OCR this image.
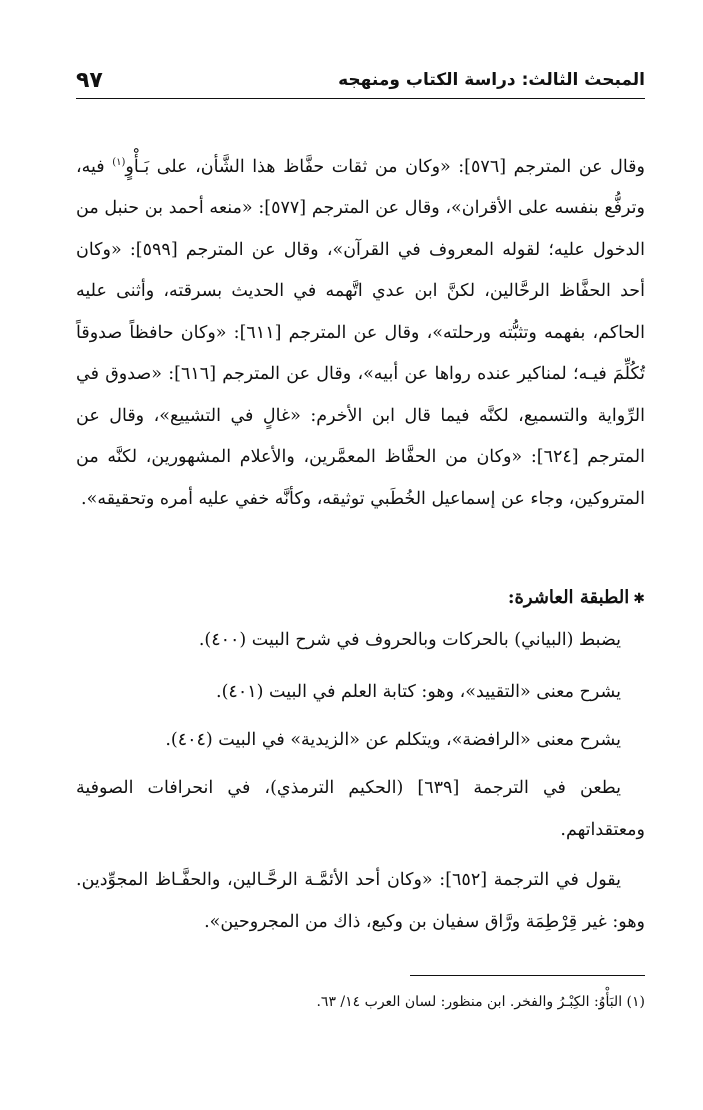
المبحث الثالث: دراسة الكتاب ومنهجه
٩٧

وقال عن المترجم [٥٧٦]: «وكان من ثقات حفَّاظ هذا الشَّأن، على بَـأْوٍ$^{(١)}$ فيه، وترفُّع بنفسه على الأقران»، وقال عن المترجم [٥٧٧]: «منعه أحمد بن حنبل من الدخول عليه؛ لقوله المعروف في القرآن»، وقال عن المترجم [٥٩٩]: «وكان أحد الحفَّاظ الرحَّالين، لكنَّ ابن عدي اتَّهمه في الحديث بسرقته، وأثنى عليه الحاكم، بفهمه وتثبُّته ورحلته»، وقال عن المترجم [٦١١]: «وكان حافظاً صدوقاً تُكُلِّمَ فيـه؛ لمناكير عنده رواها عن أبيه»، وقال عن المترجم [٦١٦]: «صدوق في الرِّواية والتسميع، لكنَّه فيما قال ابن الأخرم: «غالٍ في التشييع»، وقال عن المترجم [٦٢٤]: «وكان من الحفَّاظ المعمَّرين، والأعلام المشهورين، لكنَّه من المتروكين، وجاء عن إسماعيل الخُطَبي توثيقه، وكأنَّه خفي عليه أمره وتحقيقه».

✱الطبقة العاشرة:

يضبط (البياني) بالحركات وبالحروف في شرح البيت (٤٠٠).

يشرح معنى «التقييد»، وهو: كتابة العلم في البيت (٤٠١).

يشرح معنى «الرافضة»، ويتكلم عن «الزيدية» في البيت (٤٠٤).

يطعن في الترجمة [٦٣٩] (الحكيم الترمذي)، في انحرافات الصوفية ومعتقداتهم.

يقول في الترجمة [٦٥٢]: «وكان أحد الأئمَّـة الرحَّـالين، والحفَّـاظ المجوِّدين. وهو: غير قِرْطِمَة ورَّاق سفيان بن وكيع، ذاك من المجروحين».

(١) البَأْوُ: الكِبْـرُ والفخر. ابن منظور: لسان العرب ١٤/ ٦٣.
